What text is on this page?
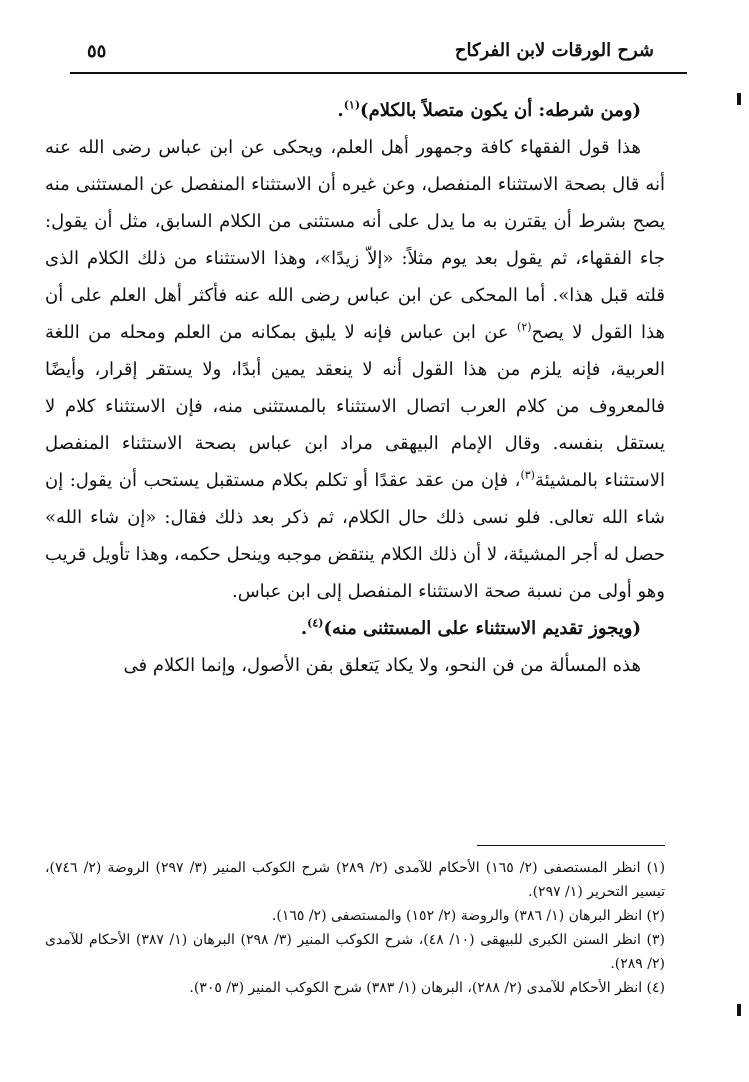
٥٥	شرح الورقات لابن الفركاح

(ومن شرطه: أن يكون متصلاً بالكلام)$^{(١)}$.

هذا قول الفقهاء كافة وجمهور أهل العلم، ويحكى عن ابن عباس رضى الله عنه أنه قال بصحة الاستثناء المنفصل، وعن غيره أن الاستثناء المنفصل عن المستثنى منه يصح بشرط أن يقترن به ما يدل على أنه مستثنى من الكلام السابق، مثل أن يقول: جاء الفقهاء، ثم يقول بعد يوم مثلاً: «إلاّ زيدًا»، وهذا الاستثناء من ذلك الكلام الذى قلته قبل هذا». أما المحكى عن ابن عباس رضى الله عنه فأكثر أهل العلم على أن هذا القول لا يصح$^{(٢)}$ عن ابن عباس فإنه لا يليق بمكانه من العلم ومحله من اللغة العربية، فإنه يلزم من هذا القول أنه لا ينعقد يمين أبدًا، ولا يستقر إقرار، وأيضًا فالمعروف من كلام العرب اتصال الاستثناء بالمستثنى منه، فإن الاستثناء كلام لا يستقل بنفسه. وقال الإمام البيهقى مراد ابن عباس بصحة الاستثناء المنفصل الاستثناء بالمشيئة$^{(٣)}$، فإن من عقد عقدًا أو تكلم بكلام مستقبل يستحب أن يقول: إن شاء الله تعالى. فلو نسى ذلك حال الكلام، ثم ذكر بعد ذلك فقال: «إن شاء الله» حصل له أجر المشيئة، لا أن ذلك الكلام ينتقض موجبه وينحل حكمه، وهذا تأويل قريب وهو أولى من نسبة صحة الاستثناء المنفصل إلى ابن عباس.

(ويجوز تقديم الاستثناء على المستثنى منه)$^{(٤)}$.

هذه المسألة من فن النحو، ولا يكاد يَتعلق بفن الأصول، وإنما الكلام فى

(١) انظر المستصفى (٢/ ١٦٥) الأحكام للآمدى (٢/ ٢٨٩) شرح الكوكب المنير (٣/ ٢٩٧) الروضة (٢/ ٧٤٦)، تيسير التحرير (١/ ٢٩٧).

(٢) انظر البرهان (١/ ٣٨٦) والروضة (٢/ ١٥٢) والمستصفى (٢/ ١٦٥).

(٣) انظر السنن الكبرى للبيهقى (١٠/ ٤٨)، شرح الكوكب المنير (٣/ ٢٩٨) البرهان (١/ ٣٨٧) الأحكام للآمدى (٢/ ٢٨٩).

(٤) انظر الأحكام للآمدى (٢/ ٢٨٨)، البرهان (١/ ٣٨٣) شرح الكوكب المنير (٣/ ٣٠٥).
